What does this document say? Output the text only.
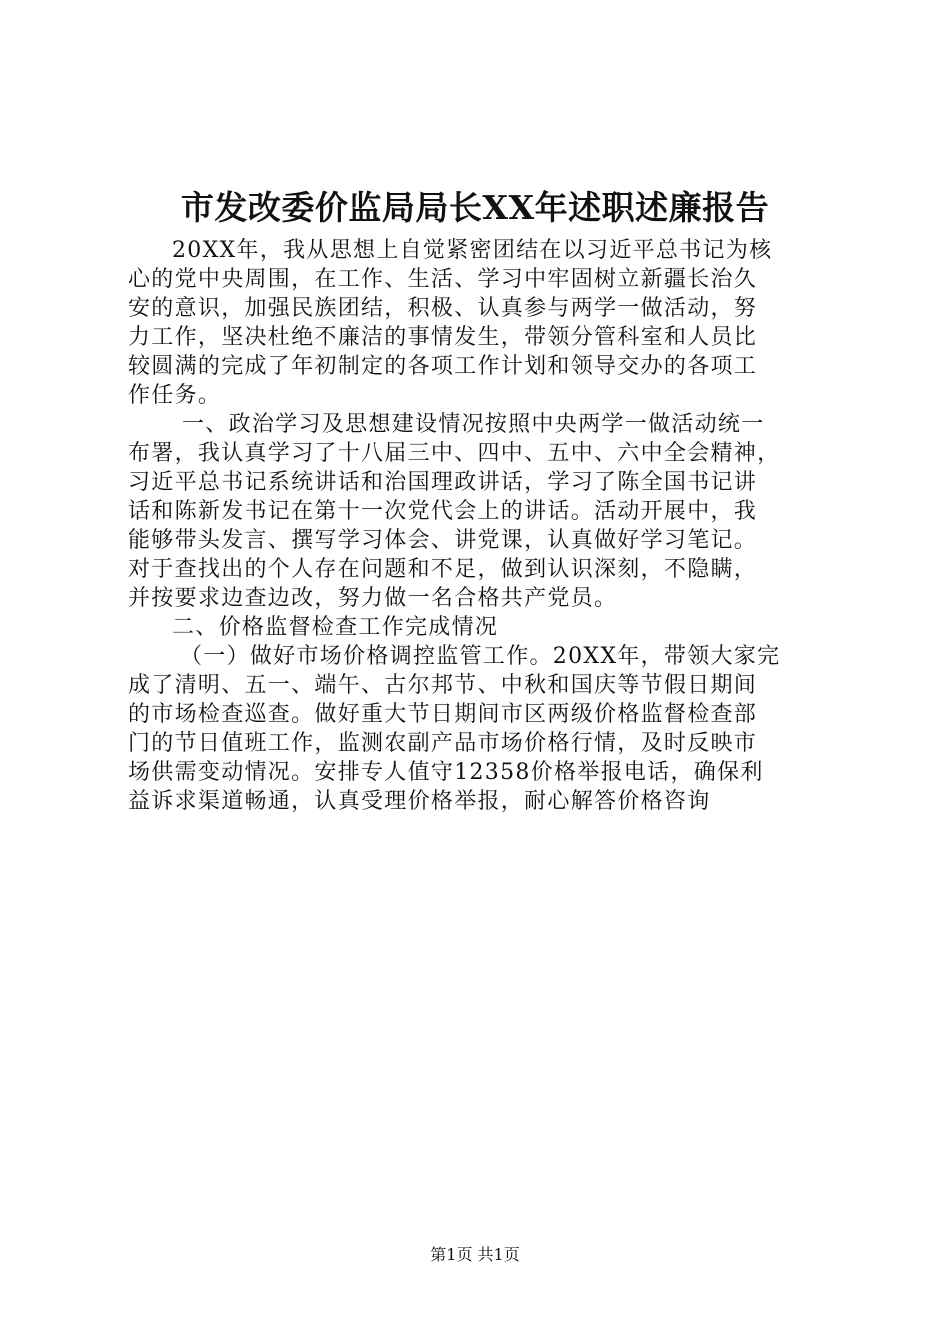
市发改委价监局局长XX年述职述廉报告
20XX年，我从思想上自觉紧密团结在以习近平总书记为核
心的党中央周围，在工作、生活、学习中牢固树立新疆长治久
安的意识，加强民族团结，积极、认真参与两学一做活动，努
力工作，坚决杜绝不廉洁的事情发生，带领分管科室和人员比
较圆满的完成了年初制定的各项工作计划和领导交办的各项工
作任务。
一、政治学习及思想建设情况按照中央两学一做活动统一
布署，我认真学习了十八届三中、四中、五中、六中全会精神，
习近平总书记系统讲话和治国理政讲话，学习了陈全国书记讲
话和陈新发书记在第十一次党代会上的讲话。活动开展中，我
能够带头发言、撰写学习体会、讲党课，认真做好学习笔记。
对于查找出的个人存在问题和不足，做到认识深刻，不隐瞒，
并按要求边查边改，努力做一名合格共产党员。
二、价格监督检查工作完成情况
（一）做好市场价格调控监管工作。20XX年，带领大家完
成了清明、五一、端午、古尔邦节、中秋和国庆等节假日期间
的市场检查巡查。做好重大节日期间市区两级价格监督检查部
门的节日值班工作，监测农副产品市场价格行情，及时反映市
场供需变动情况。安排专人值守12358价格举报电话，确保利
益诉求渠道畅通，认真受理价格举报，耐心解答价格咨询
第1页 共1页
